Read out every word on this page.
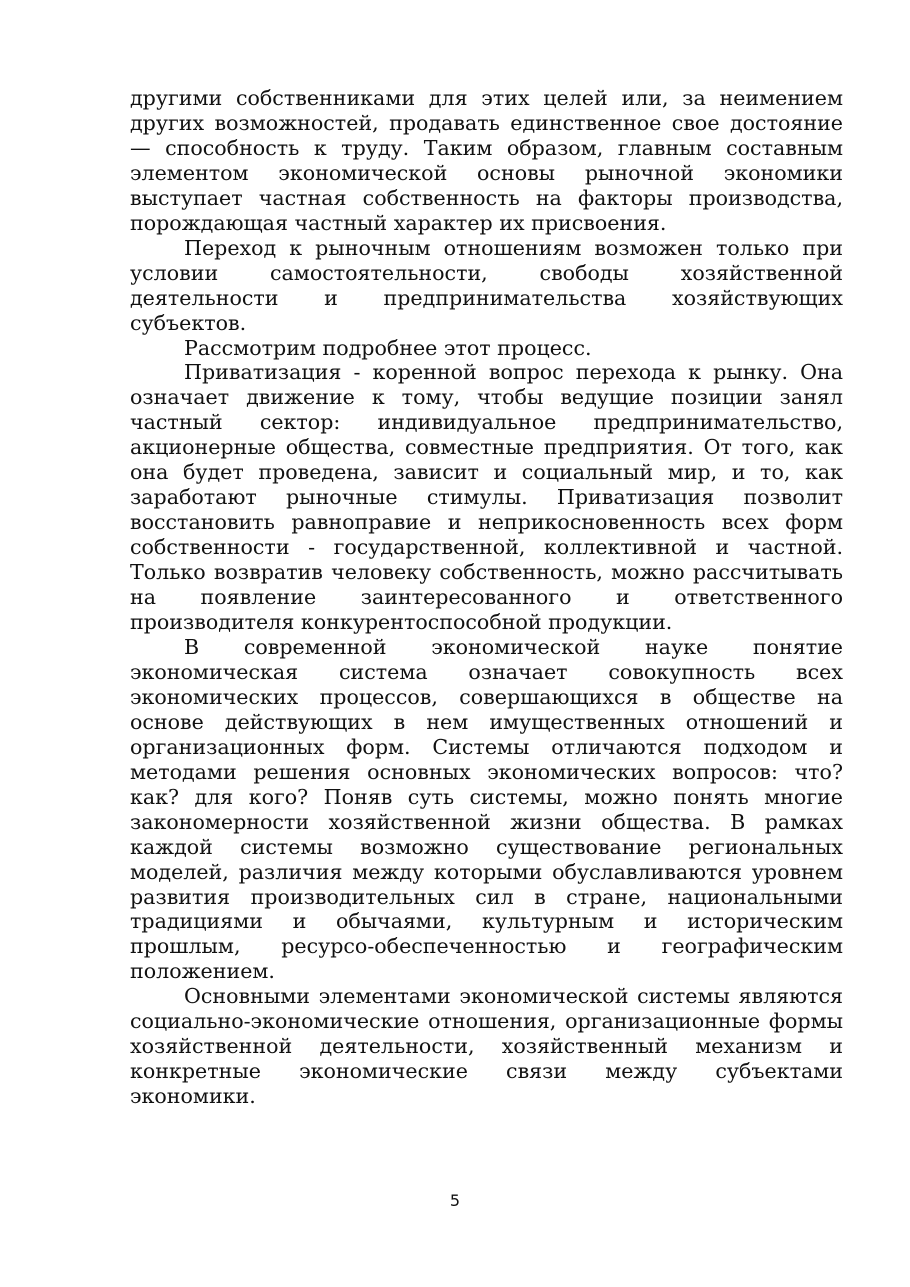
другими собственниками для этих целей или, за неимением других возможностей, продавать единственное свое достояние — способность к труду. Таким образом, главным составным элементом экономической основы рыночной экономики выступает частная собственность на факторы производства, порождающая частный характер их присвоения.

Переход к рыночным отношениям возможен только при условии самостоятельности, свободы хозяйственной деятельности и предпринимательства хозяйствующих субъектов.

Рассмотрим подробнее этот процесс.

Приватизация - коренной вопрос перехода к рынку. Она означает движение к тому, чтобы ведущие позиции занял частный сектор: индивидуальное предпринимательство, акционерные общества, совместные предприятия. От того, как она будет проведена, зависит и социальный мир, и то, как заработают рыночные стимулы. Приватизация позволит восстановить равноправие и неприкосновенность всех форм собственности - государственной, коллективной и частной. Только возвратив человеку собственность, можно рассчитывать на появление заинтересованного и ответственного производителя конкурентоспособной продукции.

В современной экономической науке понятие экономическая система означает совокупность всех экономических процессов, совершающихся в обществе на основе действующих в нем имущественных отношений и организационных форм. Системы отличаются подходом и методами решения основных экономических вопросов: что? как? для кого? Поняв суть системы, можно понять многие закономерности хозяйственной жизни общества. В рамках каждой системы возможно существование региональных моделей, различия между которыми обуславливаются уровнем развития производительных сил в стране, национальными традициями и обычаями, культурным и историческим прошлым, ресурсо-обеспеченностью и географическим положением.

Основными элементами экономической системы являются социально-экономические отношения, организационные формы хозяйственной деятельности, хозяйственный механизм и конкретные экономические связи между субъектами экономики.

5
